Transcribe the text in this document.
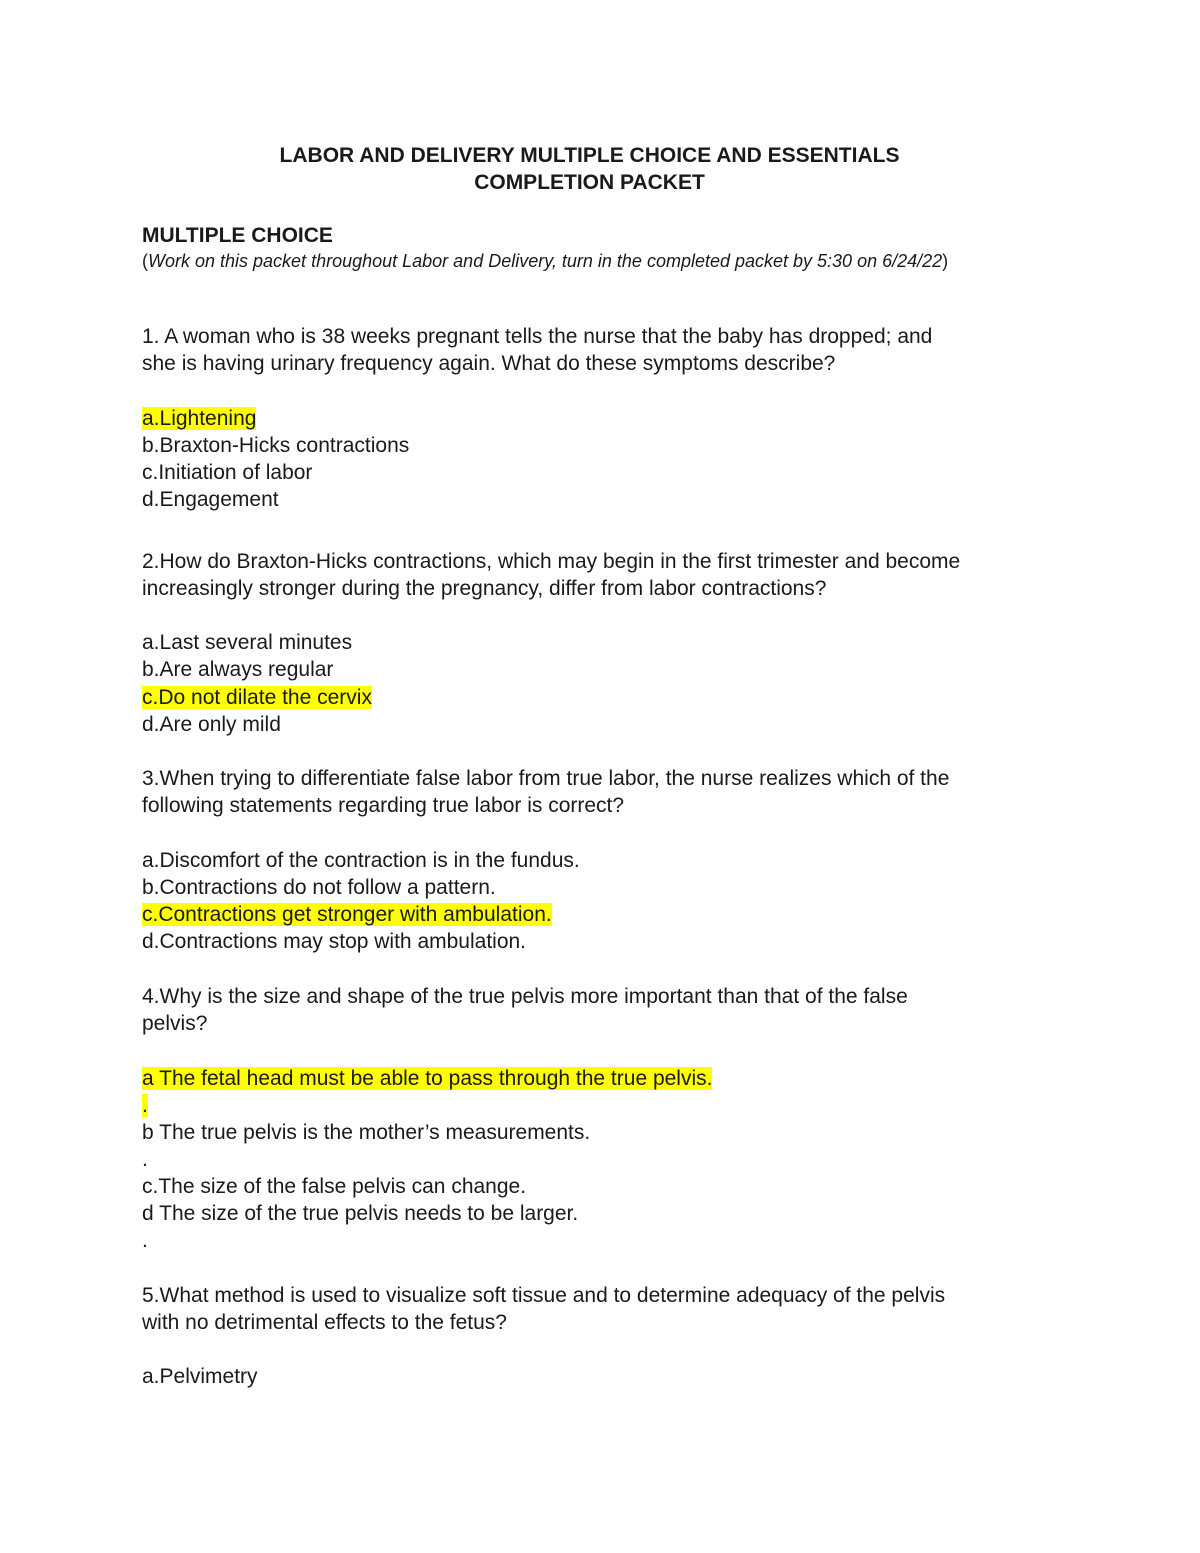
LABOR AND DELIVERY MULTIPLE CHOICE AND ESSENTIALS
COMPLETION PACKET
MULTIPLE CHOICE
(Work on this packet throughout Labor and Delivery, turn in the completed packet by 5:30 on 6/24/22)
1. A woman who is 38 weeks pregnant tells the nurse that the baby has dropped; and
she is having urinary frequency again. What do these symptoms describe?
a.Lightening
b.Braxton-Hicks contractions
c.Initiation of labor
d.Engagement
2.How do Braxton-Hicks contractions, which may begin in the first trimester and become
increasingly stronger during the pregnancy, differ from labor contractions?
a.Last several minutes
b.Are always regular
c.Do not dilate the cervix
d.Are only mild
3.When trying to differentiate false labor from true labor, the nurse realizes which of the
following statements regarding true labor is correct?
a.Discomfort of the contraction is in the fundus.
b.Contractions do not follow a pattern.
c.Contractions get stronger with ambulation.
d.Contractions may stop with ambulation.
4.Why is the size and shape of the true pelvis more important than that of the false
pelvis?
a The fetal head must be able to pass through the true pelvis.
.
b The true pelvis is the mother’s measurements.
.
c.The size of the false pelvis can change.
d The size of the true pelvis needs to be larger.
.
5.What method is used to visualize soft tissue and to determine adequacy of the pelvis
with no detrimental effects to the fetus?
a.Pelvimetry
